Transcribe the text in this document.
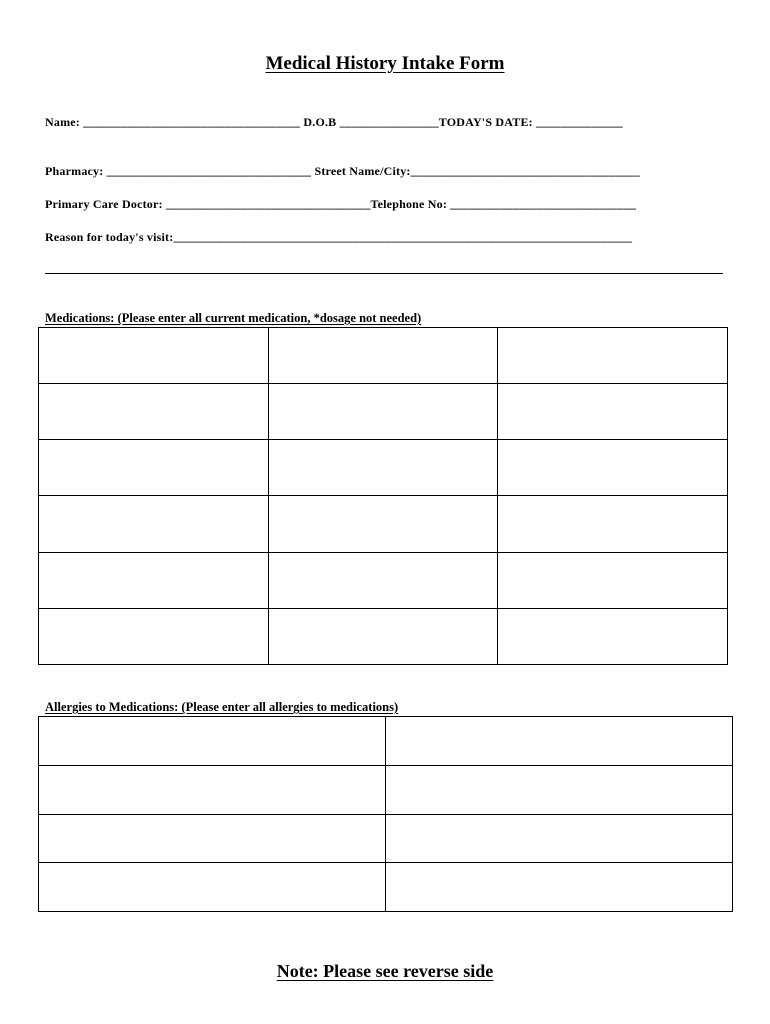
Medical History Intake Form
Name: ___________________________________ D.O.B ________________TODAY'S DATE: ______________
Pharmacy: _________________________________ Street Name/City:_____________________________________
Primary Care Doctor: _________________________________Telephone No: ______________________________
Reason for today's visit:__________________________________________________________________________
Medications: (Please enter all current medication, *dosage not needed)

Allergies to Medications: (Please enter all allergies to medications)

Note: Please see reverse side
